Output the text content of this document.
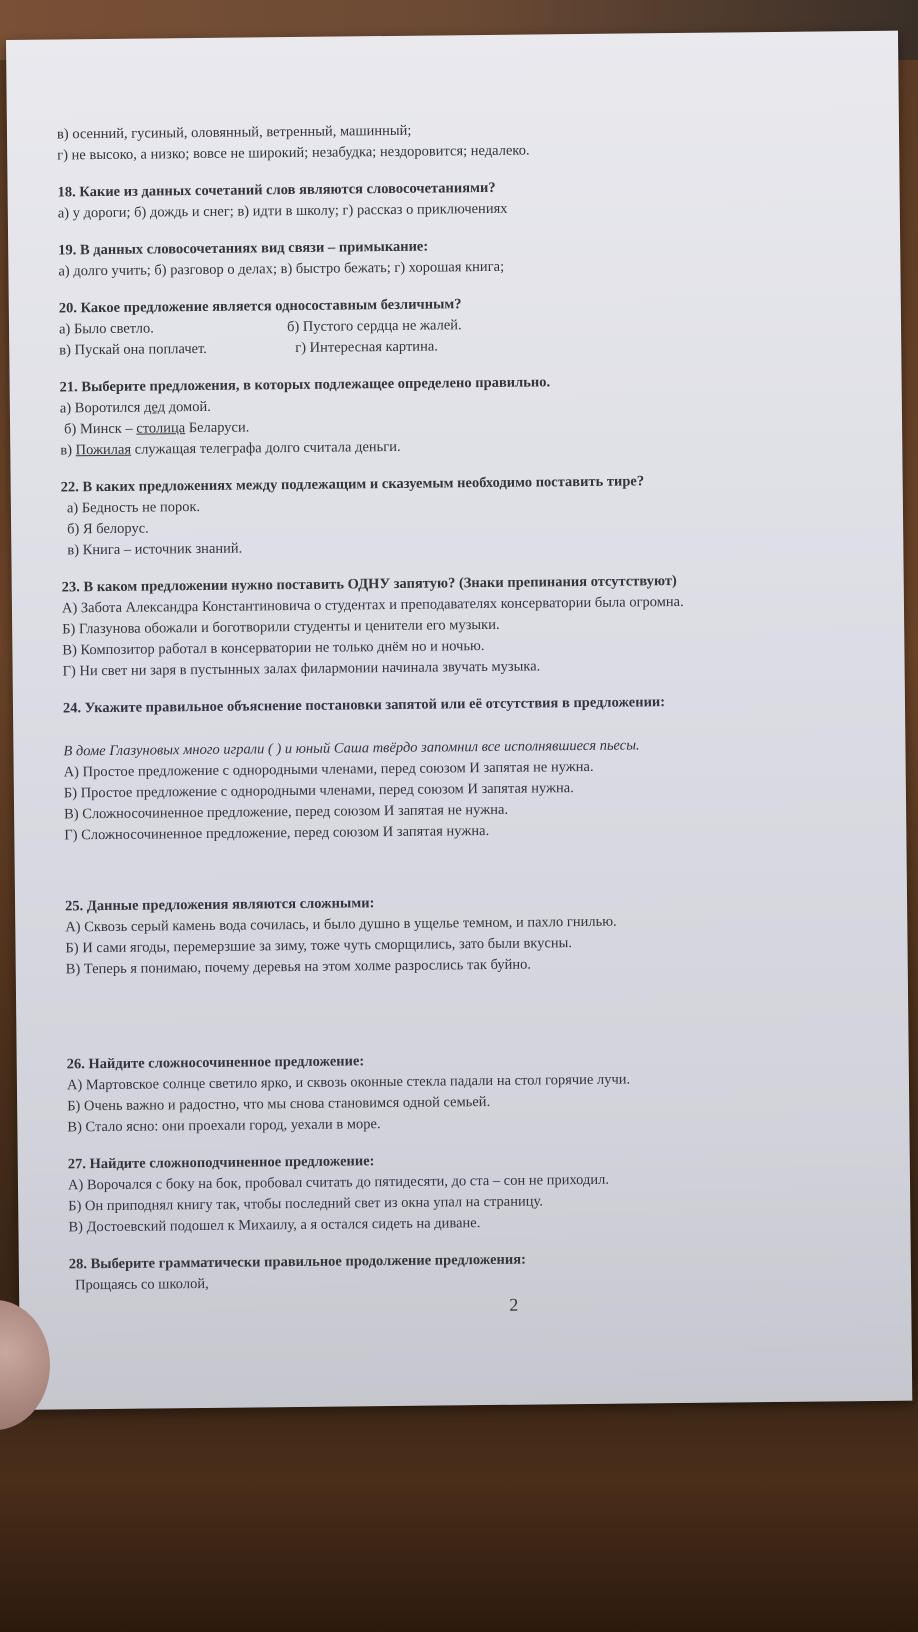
в) осенний, гусиный, оловянный, ветренный, машинный;
г) не высоко, а низко; вовсе не широкий; незабудка; нездоровится; недалеко.
18. Какие из данных сочетаний слов являются словосочетаниями?
а) у дороги; б) дождь и снег; в) идти в школу; г) рассказ о приключениях
19. В данных словосочетаниях вид связи – примыкание:
а) долго учить; б) разговор о делах; в) быстро бежать; г) хорошая книга;
20. Какое предложение является односоставным безличным?
а) Было светло.	б) Пустого сердца не жалей.
в) Пускай она поплачет.	г) Интересная картина.
21. Выберите предложения, в которых подлежащее определено правильно.
а) Воротился дед домой.
б) Минск – столица Беларуси.
в) Пожилая служащая телеграфа долго считала деньги.
22. В каких предложениях между подлежащим и сказуемым необходимо поставить тире?
а) Бедность не порок.
б) Я белорус.
в) Книга – источник знаний.
23. В каком предложении нужно поставить ОДНУ запятую? (Знаки препинания отсутствуют)
А) Забота Александра Константиновича о студентах и преподавателях консерватории была огромна.
Б) Глазунова обожали и боготворили студенты и ценители его музыки.
В) Композитор работал в консерватории не только днём но и ночью.
Г) Ни свет ни заря в пустынных залах филармонии начинала звучать музыка.
24. Укажите правильное объяснение постановки запятой или её отсутствия в предложении:
В доме Глазуновых много играли ( ) и юный Саша твёрдо запомнил все исполнявшиеся пьесы.
А) Простое предложение с однородными членами, перед союзом И запятая не нужна.
Б) Простое предложение с однородными членами, перед союзом И запятая нужна.
В) Сложносочиненное предложение, перед союзом И запятая не нужна.
Г) Сложносочиненное предложение, перед союзом И запятая нужна.
25. Данные предложения являются сложными:
А) Сквозь серый камень вода сочилась, и было душно в ущелье темном, и пахло гнилью.
Б) И сами ягоды, перемерзшие за зиму, тоже чуть сморщились, зато были вкусны.
В) Теперь я понимаю, почему деревья на этом холме разрослись так буйно.
26. Найдите сложносочиненное предложение:
А) Мартовское солнце светило ярко, и сквозь оконные стекла падали на стол горячие лучи.
Б) Очень важно и радостно, что мы снова становимся одной семьей.
В) Стало ясно: они проехали город, уехали в море.
27. Найдите сложноподчиненное предложение:
А) Ворочался с боку на бок, пробовал считать до пятидесяти, до ста – сон не приходил.
Б) Он приподнял книгу так, чтобы последний свет из окна упал на страницу.
В) Достоевский подошел к Михаилу, а я остался сидеть на диване.
28. Выберите грамматически правильное продолжение предложения:
Прощаясь со школой,
2
